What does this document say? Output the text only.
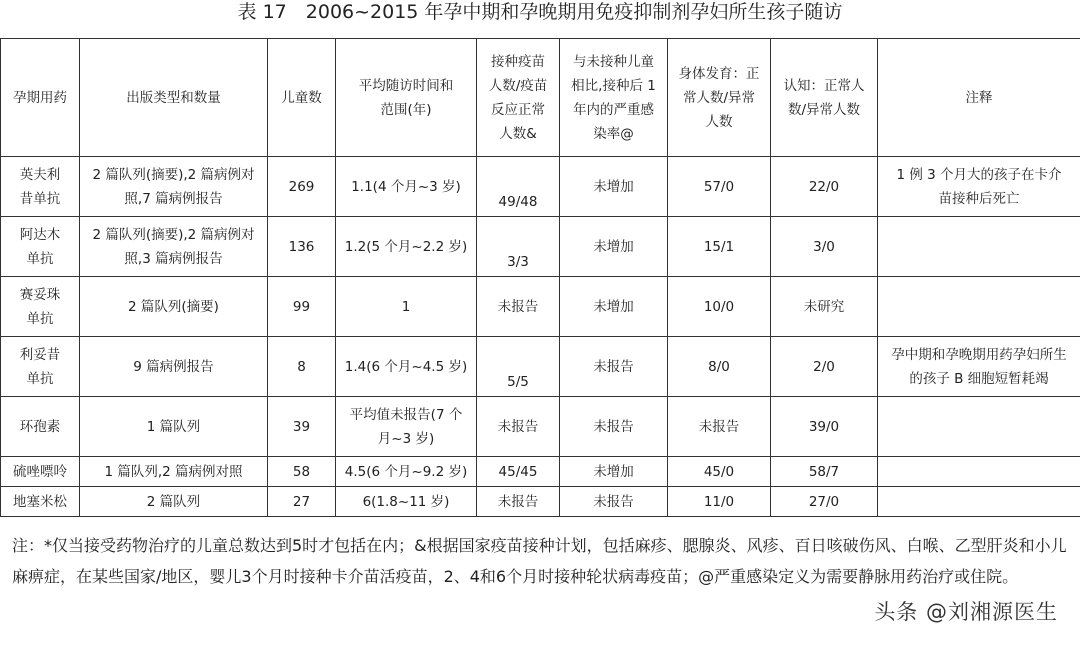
表 17　2006~2015 年孕中期和孕晚期用免疫抑制剂孕妇所生孩子随访
孕期用药	出版类型和数量	儿童数	平均随访时间和范围(年)	接种疫苗人数/疫苗反应正常人数&	与未接种儿童相比,接种后 1 年内的严重感染率@	身体发育：正常人数/异常人数	认知：正常人数/异常人数	注释
英夫利昔单抗	2 篇队列(摘要),2 篇病例对照,7 篇病例报告	269	1.1(4 个月~3 岁)	49/48	未增加	57/0	22/0	1 例 3 个月大的孩子在卡介苗接种后死亡
阿达木单抗	2 篇队列(摘要),2 篇病例对照,3 篇病例报告	136	1.2(5 个月~2.2 岁)	3/3	未增加	15/1	3/0	
赛妥珠单抗	2 篇队列(摘要)	99	1	未报告	未增加	10/0	未研究	
利妥昔单抗	9 篇病例报告	8	1.4(6 个月~4.5 岁)	5/5	未报告	8/0	2/0	孕中期和孕晚期用药孕妇所生的孩子 B 细胞短暂耗竭
环孢素	1 篇队列	39	平均值未报告(7 个月~3 岁)	未报告	未报告	未报告	39/0	
硫唑嘌呤	1 篇队列,2 篇病例对照	58	4.5(6 个月~9.2 岁)	45/45	未增加	45/0	58/7	
地塞米松	2 篇队列	27	6(1.8~11 岁)	未报告	未报告	11/0	27/0	
注：*仅当接受药物治疗的儿童总数达到5时才包括在内；&根据国家疫苗接种计划，包括麻疹、腮腺炎、风疹、百日咳破伤风、白喉、乙型肝炎和小儿麻痹症，在某些国家/地区，婴儿3个月时接种卡介苗活疫苗，2、4和6个月时接种轮状病毒疫苗；@严重感染定义为需要静脉用药治疗或住院。
头条 @刘湘源医生
